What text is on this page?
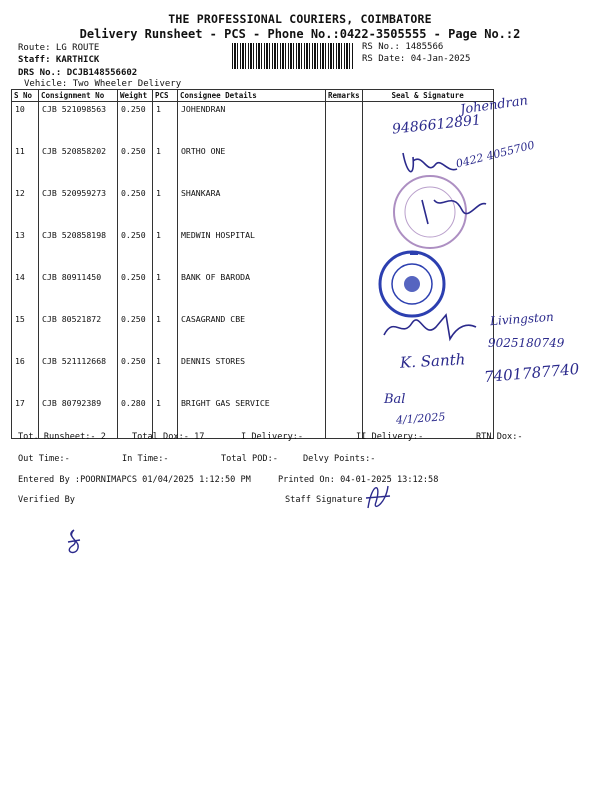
THE PROFESSIONAL COURIERS, COIMBATORE
Delivery Runsheet - PCS - Phone No.:0422-3505555 - Page No.:2
Route: LG ROUTE
Staff: KARTHICK
DRS No.: DCJB148556602
Vehicle: Two Wheeler Delivery
RS No.: 1485566
RS Date: 04-Jan-2025
S No	Consignment No	Weight	PCS	Consignee Details	Remarks	Seal & Signature
10	CJB 521098563	0.250	1	JOHENDRAN		
11	CJB 520858202	0.250	1	ORTHO ONE		
12	CJB 520959273	0.250	1	SHANKARA		
13	CJB 520858198	0.250	1	MEDWIN HOSPITAL		
14	CJB 80911450	0.250	1	BANK OF BARODA		
15	CJB 80521872	0.250	1	CASAGRAND CBE		
16	CJB 521112668	0.250	1	DENNIS STORES		
17	CJB 80792389	0.280	1	BRIGHT GAS SERVICE		
Tot. Runsheet:- 2	Total Dox:- 17	I Delivery:-	II Delivery:-	RTN Dox:-
Out Time:-	In Time:-	Total POD:-	Delvy Points:-
Entered By :POORNIMAPCS 01/04/2025 1:12:50 PM	Printed On: 04-01-2025 13:12:58
Verified By	Staff Signature
Johendran
9486612891
0422 4055700
Livingston
9025180749
K. Santh 7401787740
Bal
4/1/2025
